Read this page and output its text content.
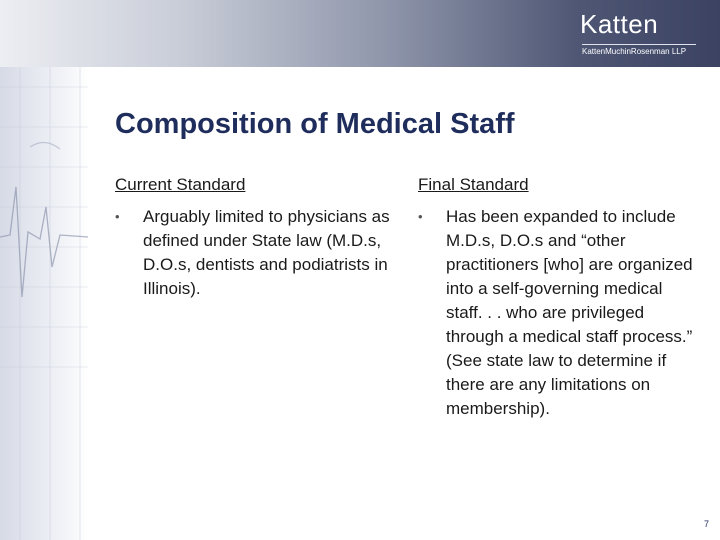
Katten
KattenMuchinRosenman LLP
Composition of Medical Staff
Current Standard
• Arguably limited to physicians as defined under State law (M.D.s, D.O.s, dentists and podiatrists in Illinois).
Final Standard
• Has been expanded to include M.D.s, D.O.s and “other practitioners [who] are organized into a self-governing medical staff. . . who are privileged through a medical staff process.” (See state law to determine if there are any limitations on membership).
7
